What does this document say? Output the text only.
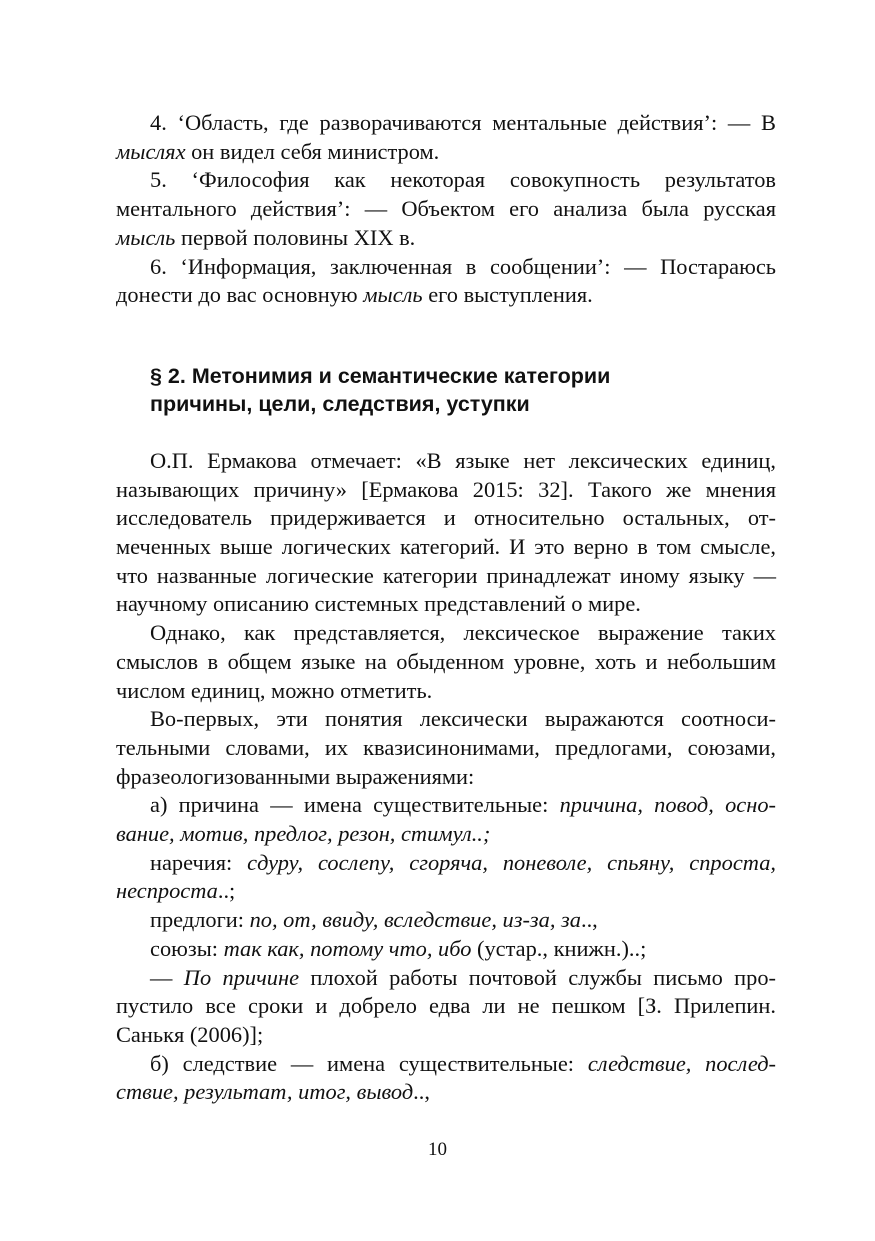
4. ‘Область, где разворачиваются ментальные действия’: — В мыслях он видел себя министром.

5. ‘Философия как некоторая совокупность результатов ментального действия’: — Объектом его анализа была русская мысль первой половины XIX в.

6. ‘Информация, заключенная в сообщении’: — Постараюсь донести до вас основную мысль его выступления.

§ 2. Метонимия и семантические категории
причины, цели, следствия, уступки

О.П. Ермакова отмечает: «В языке нет лексических единиц, называющих причину» [Ермакова 2015: 32]. Такого же мнения исследователь придерживается и относительно остальных, отмеченных выше логических категорий. И это верно в том смысле, что названные логические категории принадлежат иному языку — научному описанию системных представлений о мире.

Однако, как представляется, лексическое выражение таких смыслов в общем языке на обыденном уровне, хоть и небольшим числом единиц, можно отметить.

Во-первых, эти понятия лексически выражаются соотносительными словами, их квазисинонимами, предлогами, союзами, фразеологизованными выражениями:

а) причина — имена существительные: причина, повод, основание, мотив, предлог, резон, стимул..;

наречия: сдуру, сослепу, сгоряча, поневоле, спьяну, спроста, неспроста..;

предлоги: по, от, ввиду, вследствие, из-за, за..,

союзы: так как, потому что, ибо (устар., книжн.)..;

— По причине плохой работы почтовой службы письмо пропустило все сроки и добрело едва ли не пешком [З. Прилепин. Санькя (2006)];

б) следствие — имена существительные: следствие, последствие, результат, итог, вывод..,

10
